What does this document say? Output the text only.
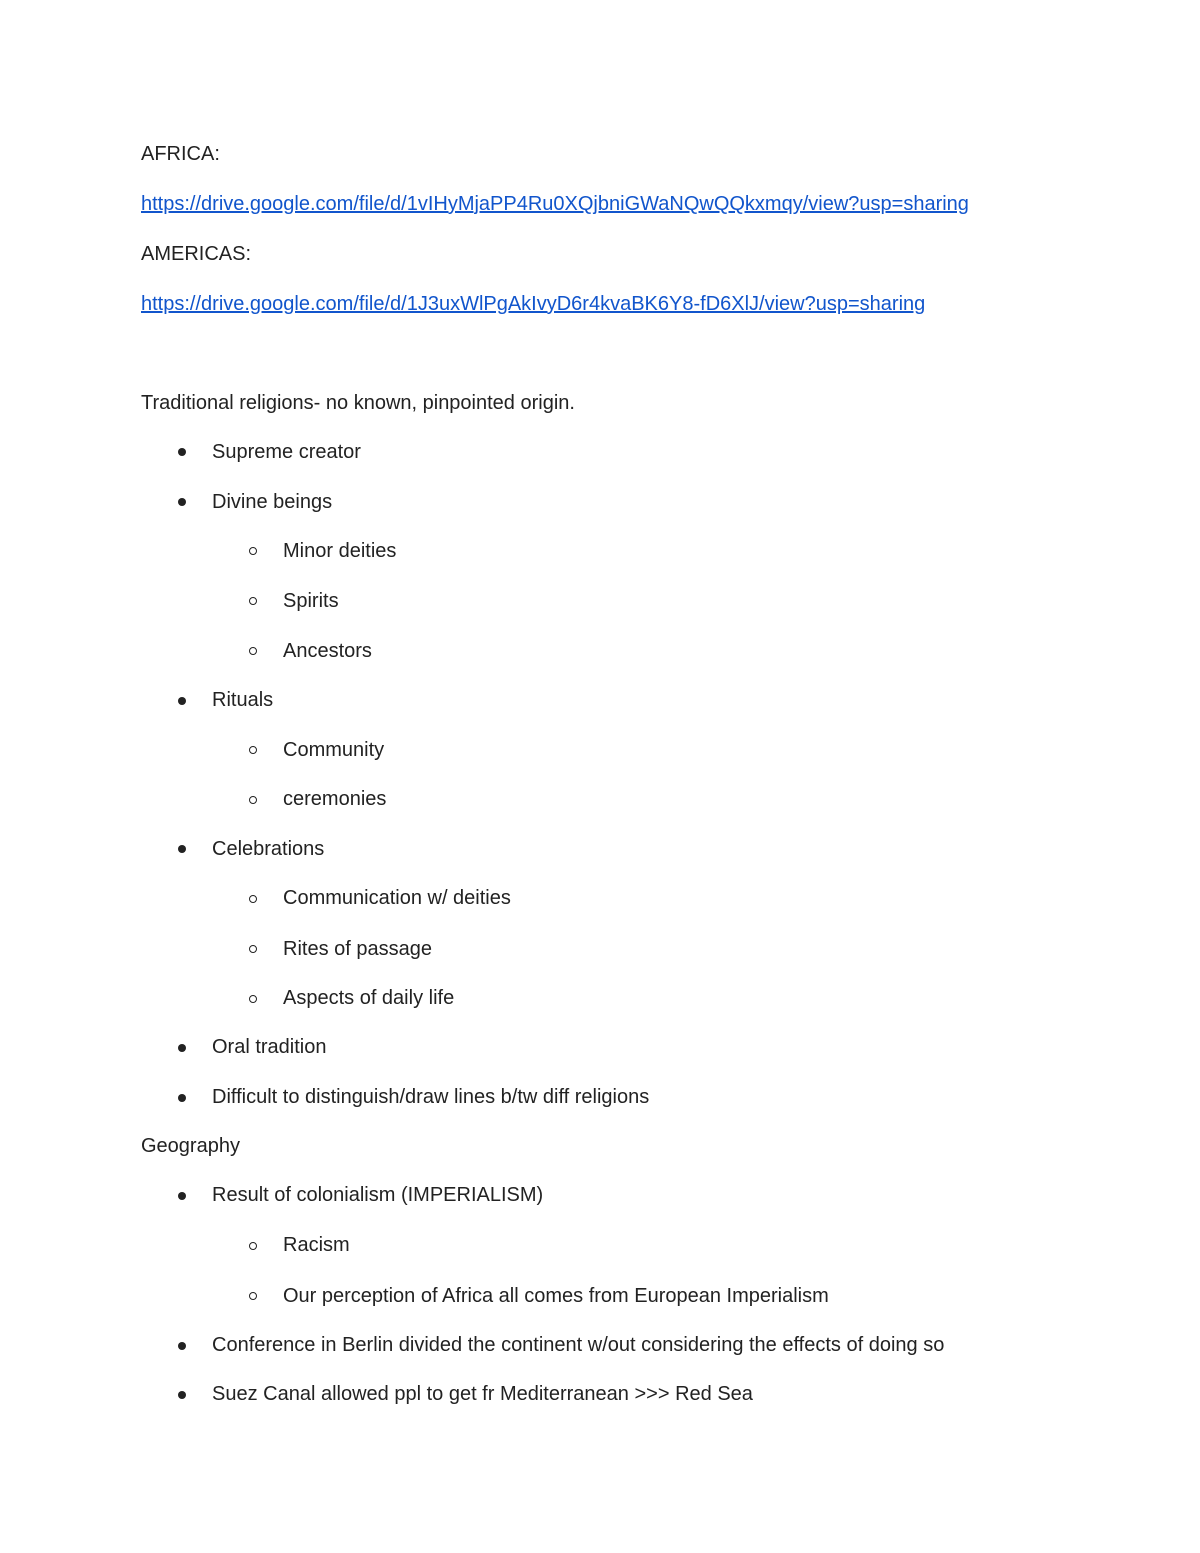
AFRICA:
https://drive.google.com/file/d/1vIHyMjaPP4Ru0XQjbniGWaNQwQQkxmqy/view?usp=sharing
AMERICAS:
https://drive.google.com/file/d/1J3uxWlPgAkIvyD6r4kvaBK6Y8-fD6XlJ/view?usp=sharing
Traditional religions- no known, pinpointed origin.
Supreme creator
Divine beings
Minor deities
Spirits
Ancestors
Rituals
Community
ceremonies
Celebrations
Communication w/ deities
Rites of passage
Aspects of daily life
Oral tradition
Difficult to distinguish/draw lines b/tw diff religions
Geography
Result of colonialism (IMPERIALISM)
Racism
Our perception of Africa all comes from European Imperialism
Conference in Berlin divided the continent w/out considering the effects of doing so
Suez Canal allowed ppl to get fr Mediterranean >>> Red Sea
